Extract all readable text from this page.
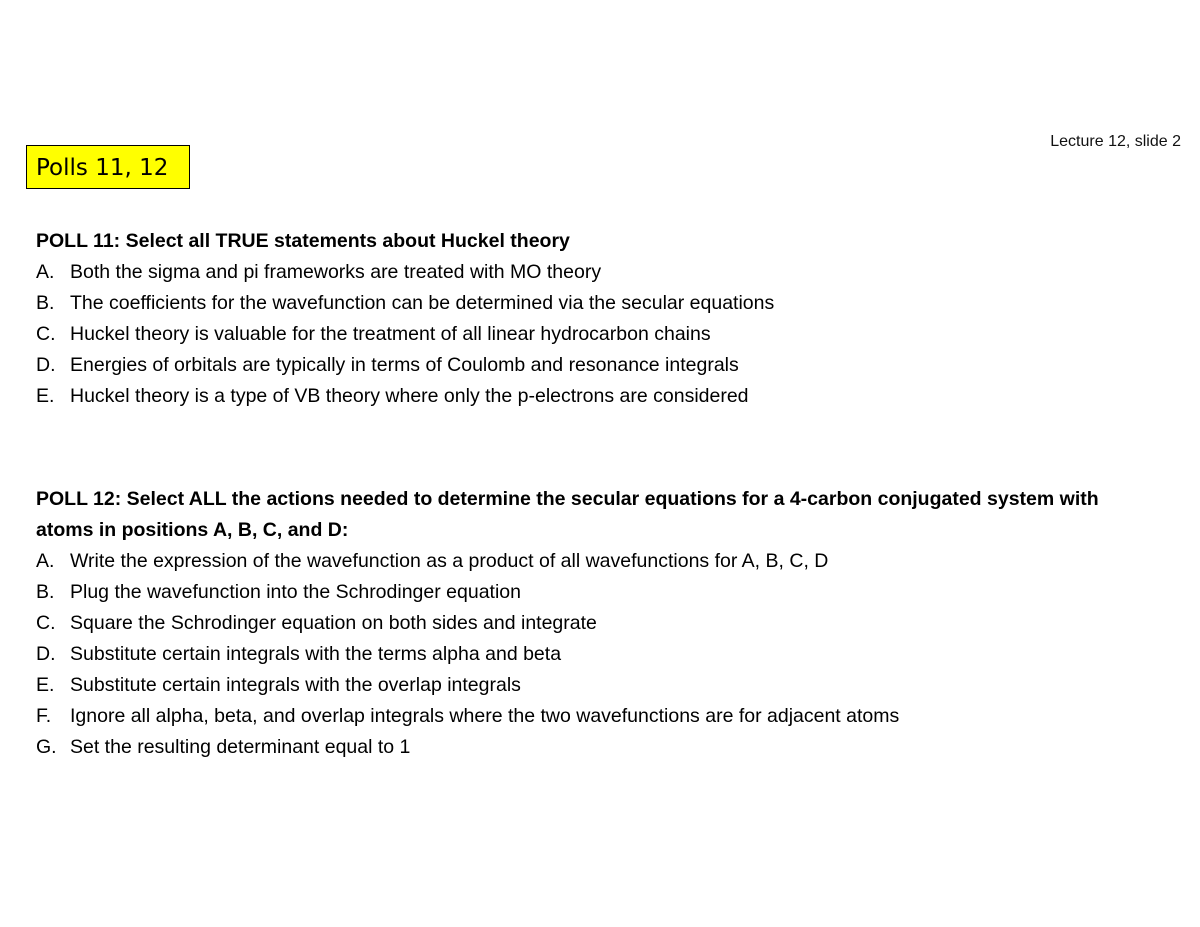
Lecture 12, slide 2
Polls 11, 12
POLL 11: Select all TRUE statements about Huckel theory
A. Both the sigma and pi frameworks are treated with MO theory
B. The coefficients for the wavefunction can be determined via the secular equations
C. Huckel theory is valuable for the treatment of all linear hydrocarbon chains
D. Energies of orbitals are typically in terms of Coulomb and resonance integrals
E. Huckel theory is a type of VB theory where only the p-electrons are considered
POLL 12: Select ALL the actions needed to determine the secular equations for a 4-carbon conjugated system with atoms in positions A, B, C, and D:
A. Write the expression of the wavefunction as a product of all wavefunctions for A, B, C, D
B. Plug the wavefunction into the Schrodinger equation
C. Square the Schrodinger equation on both sides and integrate
D. Substitute certain integrals with the terms alpha and beta
E. Substitute certain integrals with the overlap integrals
F. Ignore all alpha, beta, and overlap integrals where the two wavefunctions are for adjacent atoms
G. Set the resulting determinant equal to 1
